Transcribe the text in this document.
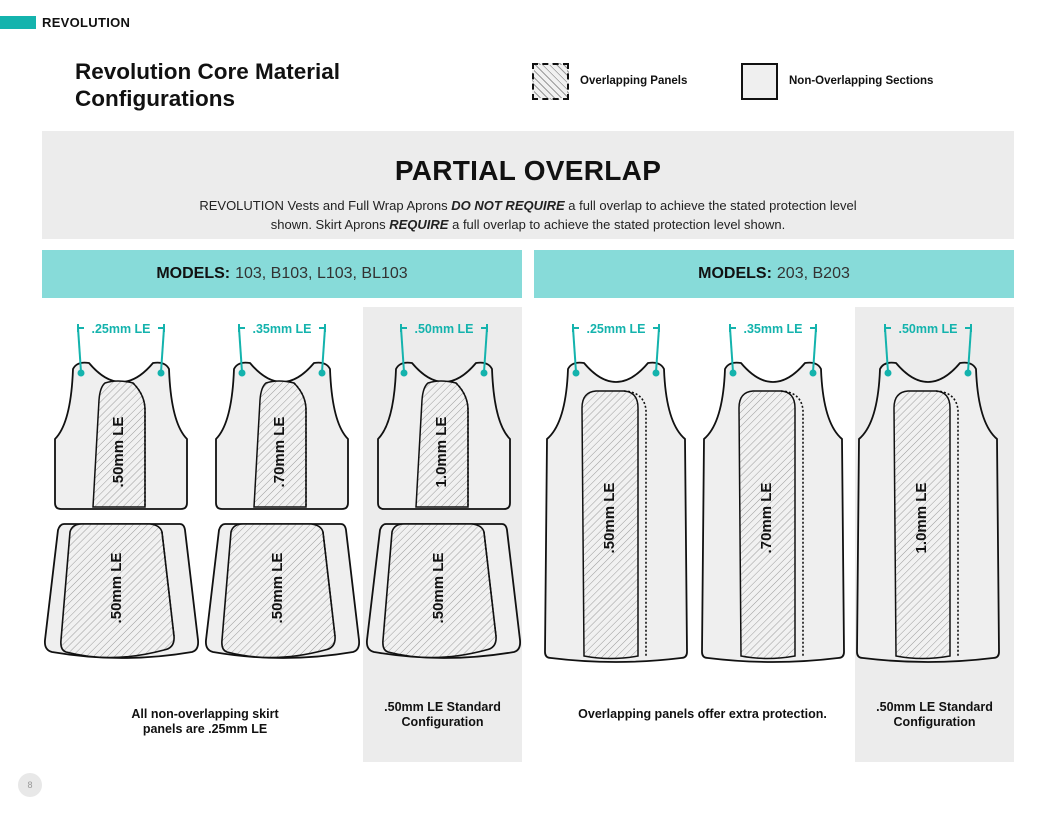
REVOLUTION
Revolution Core Material Configurations
Overlapping Panels	Non-Overlapping Sections
PARTIAL OVERLAP

REVOLUTION Vests and Full Wrap Aprons DO NOT REQUIRE a full overlap to achieve the stated protection level shown. Skirt Aprons REQUIRE a full overlap to achieve the stated protection level shown.

MODELS: 103, B103, L103, BL103	MODELS: 203, B203
.50mm LE
.25mm LE
.70mm LE
.35mm LE
1.0mm LE
.50mm LE
.50mm LE	.50mm LE	.50mm LE
.50mm LE
.25mm LE
.70mm LE
.35mm LE
1.0mm LE
.50mm LE
All non-overlapping skirt panels are .25mm LE
.50mm LE Standard Configuration
Overlapping panels offer extra protection.	.50mm LE Standard Configuration
8
